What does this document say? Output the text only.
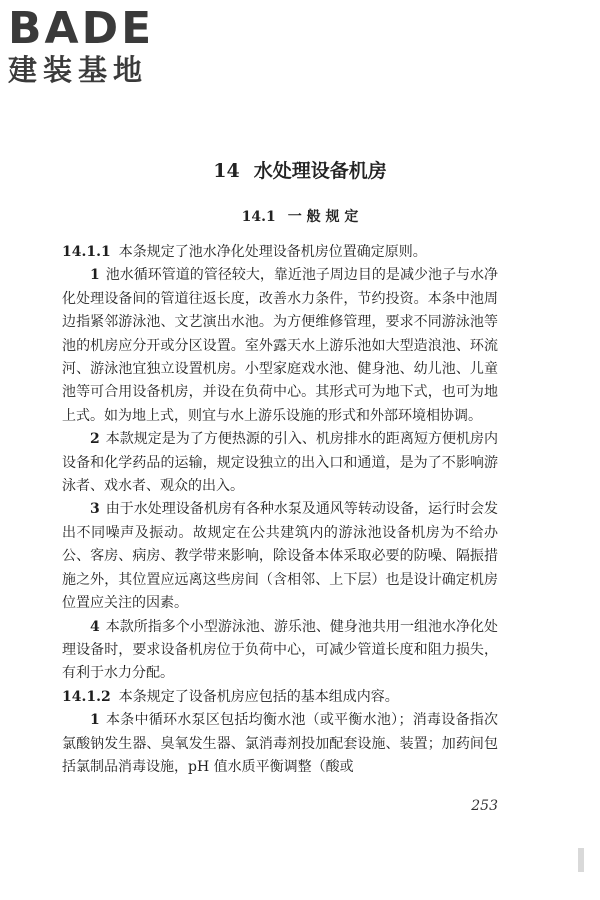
BADE
建装基地
14 水处理设备机房
14.1 一 般 规 定

14.1.1 本条规定了池水净化处理设备机房位置确定原则。

1 池水循环管道的管径较大，靠近池子周边目的是减少池子与水净化处理设备间的管道往返长度，改善水力条件，节约投资。本条中池周边指紧邻游泳池、文艺演出水池。为方便维修管理，要求不同游泳池等池的机房应分开或分区设置。室外露天水上游乐池如大型造浪池、环流河、游泳池宜独立设置机房。小型家庭戏水池、健身池、幼儿池、儿童池等可合用设备机房，并设在负荷中心。其形式可为地下式，也可为地上式。如为地上式，则宜与水上游乐设施的形式和外部环境相协调。

2 本款规定是为了方便热源的引入、机房排水的距离短方便机房内设备和化学药品的运输，规定设独立的出入口和通道，是为了不影响游泳者、戏水者、观众的出入。

3 由于水处理设备机房有各种水泵及通风等转动设备，运行时会发出不同噪声及振动。故规定在公共建筑内的游泳池设备机房为不给办公、客房、病房、教学带来影响，除设备本体采取必要的防噪、隔振措施之外，其位置应远离这些房间（含相邻、上下层）也是设计确定机房位置应关注的因素。

4 本款所指多个小型游泳池、游乐池、健身池共用一组池水净化处理设备时，要求设备机房位于负荷中心，可减少管道长度和阻力损失，有利于水力分配。

14.1.2 本条规定了设备机房应包括的基本组成内容。

1 本条中循环水泵区包括均衡水池（或平衡水池）；消毒设备指次氯酸钠发生器、臭氧发生器、氯消毒剂投加配套设施、装置；加药间包括氯制品消毒设施，pH 值水质平衡调整（酸或

253
